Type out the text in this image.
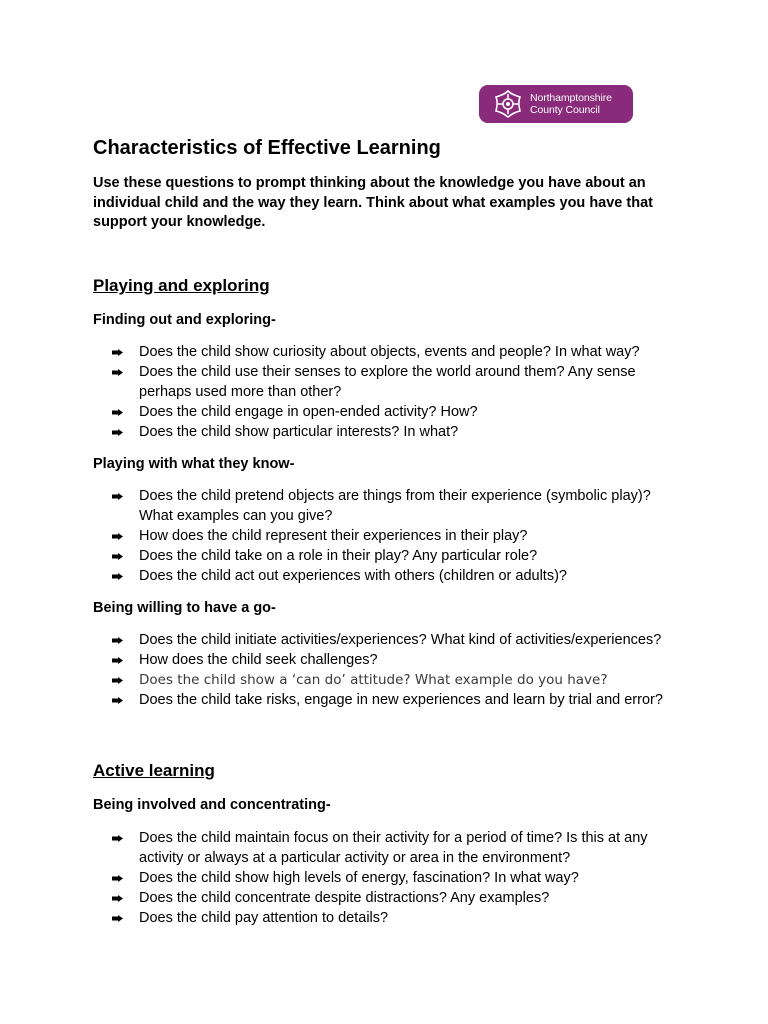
Northamptonshire
County Council
Characteristics of Effective Learning

Use these questions to prompt thinking about the knowledge you have about an individual child and the way they learn. Think about what examples you have that support your knowledge.

Playing and exploring
Finding out and exploring-
Does the child show curiosity about objects, events and people? In what way?
Does the child use their senses to explore the world around them? Any sense perhaps used more than other?
Does the child engage in open-ended activity? How?
Does the child show particular interests? In what?
Playing with what they know-
Does the child pretend objects are things from their experience (symbolic play)? What examples can you give?
How does the child represent their experiences in their play?
Does the child take on a role in their play? Any particular role?
Does the child act out experiences with others (children or adults)?
Being willing to have a go-
Does the child initiate activities/experiences? What kind of activities/experiences?
How does the child seek challenges?
Does the child show a ‘can do’ attitude? What example do you have?
Does the child take risks, engage in new experiences and learn by trial and error?
Active learning
Being involved and concentrating-
Does the child maintain focus on their activity for a period of time? Is this at any activity or always at a particular activity or area in the environment?
Does the child show high levels of energy, fascination? In what way?
Does the child concentrate despite distractions? Any examples?
Does the child pay attention to details?
